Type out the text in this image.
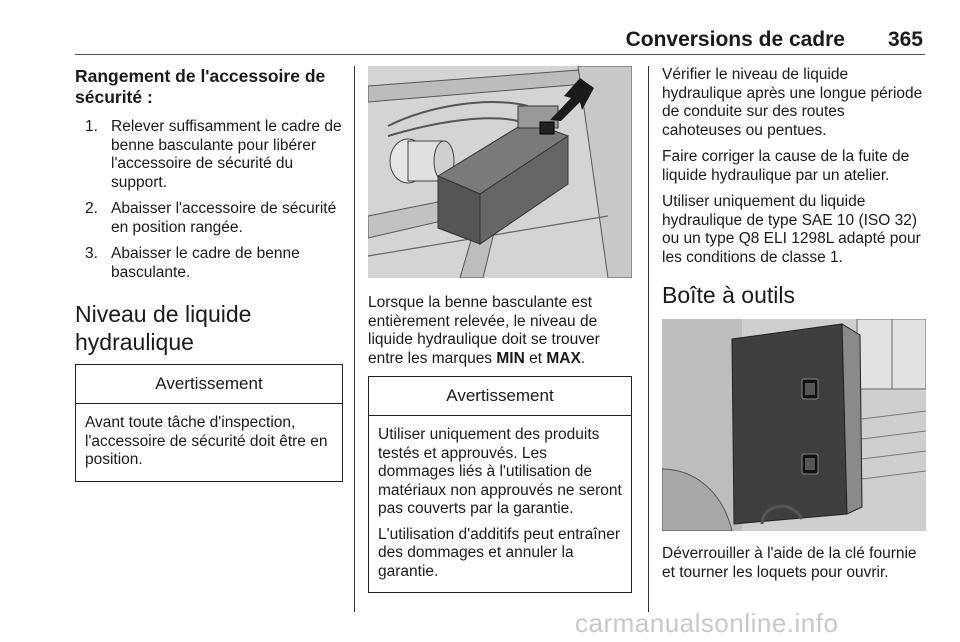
Conversions de cadre 365
Rangement de l'accessoire de sécurité :
1. Relever suffisamment le cadre de benne basculante pour libérer l'accessoire de sécurité du support.
2. Abaisser l'accessoire de sécurité en position rangée.
3. Abaisser le cadre de benne basculante.
Niveau de liquide hydraulique
Avertissement

Avant toute tâche d'inspection, l'accessoire de sécurité doit être en position.

Lorsque la benne basculante est entièrement relevée, le niveau de liquide hydraulique doit se trouver entre les marques MIN et MAX.

Avertissement

Utiliser uniquement des produits testés et approuvés. Les dommages liés à l'utilisation de matériaux non approuvés ne seront pas couverts par la garantie.

L'utilisation d'additifs peut entraîner des dommages et annuler la garantie.

Vérifier le niveau de liquide hydraulique après une longue période de conduite sur des routes cahoteuses ou pentues.

Faire corriger la cause de la fuite de liquide hydraulique par un atelier.

Utiliser uniquement du liquide hydraulique de type SAE 10 (ISO 32) ou un type Q8 ELI 1298L adapté pour les conditions de classe 1.

Boîte à outils

Déverrouiller à l'aide de la clé fournie et tourner les loquets pour ouvrir.

carmanualsonline.info
